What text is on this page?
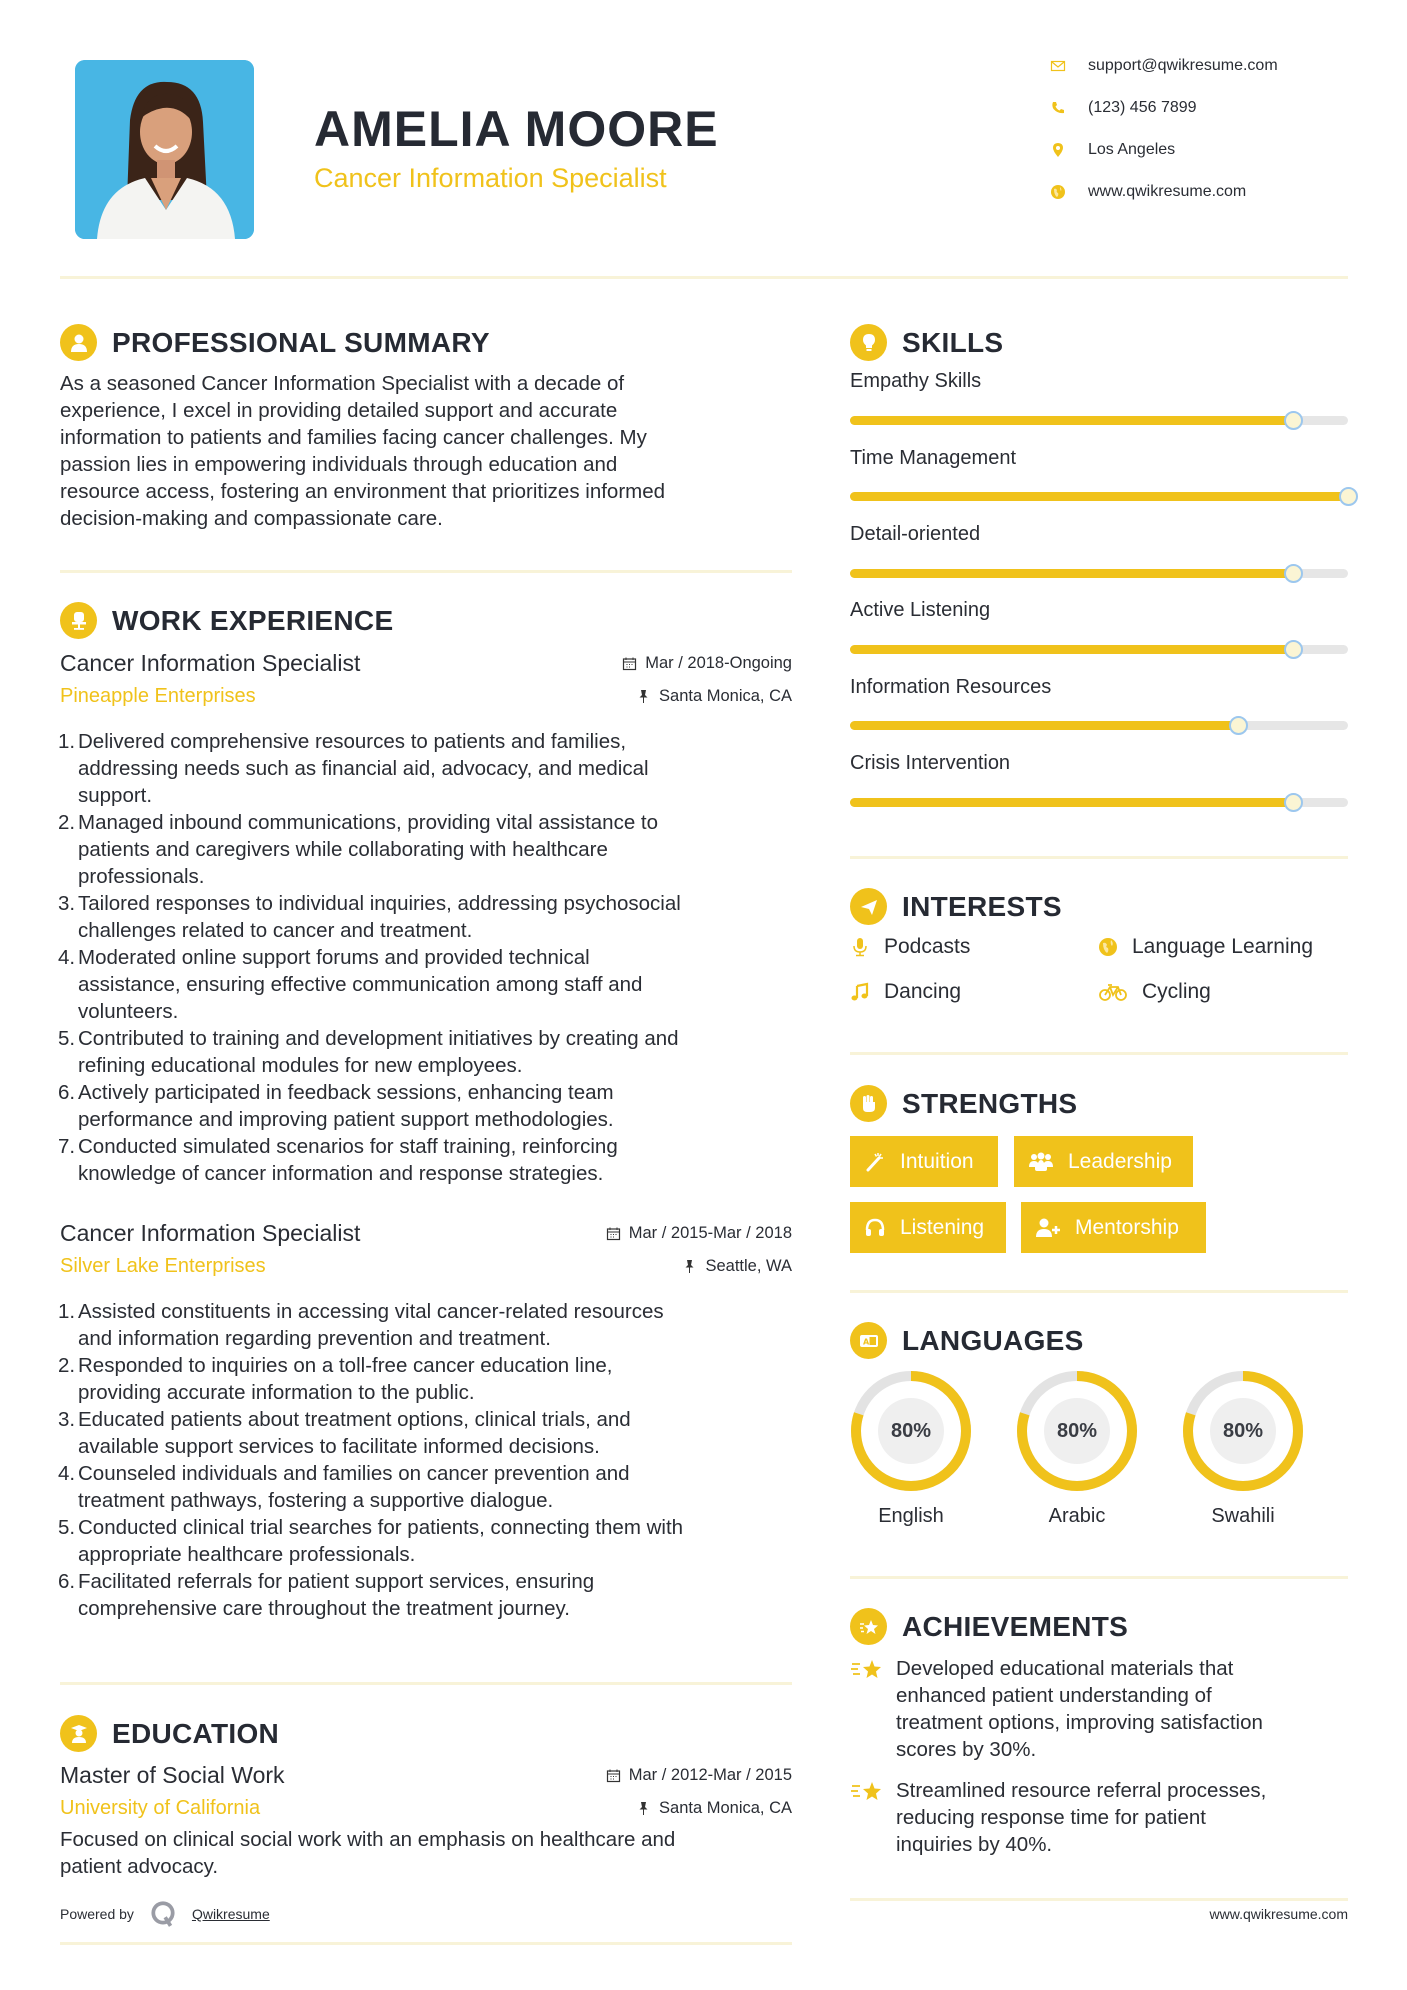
AMELIA MOORE
Cancer Information Specialist
support@qwikresume.com
(123) 456 7899
Los Angeles
www.qwikresume.com
PROFESSIONAL SUMMARY
As a seasoned Cancer Information Specialist with a decade of
experience, I excel in providing detailed support and accurate
information to patients and families facing cancer challenges. My
passion lies in empowering individuals through education and
resource access, fostering an environment that prioritizes informed
decision-making and compassionate care.
WORK EXPERIENCE
Cancer Information Specialist	Mar / 2018-Ongoing
Pineapple Enterprises	Santa Monica, CA
1. Delivered comprehensive resources to patients and families,
addressing needs such as financial aid, advocacy, and medical
support.
2. Managed inbound communications, providing vital assistance to
patients and caregivers while collaborating with healthcare
professionals.
3. Tailored responses to individual inquiries, addressing psychosocial
challenges related to cancer and treatment.
4. Moderated online support forums and provided technical
assistance, ensuring effective communication among staff and
volunteers.
5. Contributed to training and development initiatives by creating and
refining educational modules for new employees.
6. Actively participated in feedback sessions, enhancing team
performance and improving patient support methodologies.
7. Conducted simulated scenarios for staff training, reinforcing
knowledge of cancer information and response strategies.
Cancer Information Specialist	Mar / 2015-Mar / 2018
Silver Lake Enterprises	Seattle, WA
1. Assisted constituents in accessing vital cancer-related resources
and information regarding prevention and treatment.
2. Responded to inquiries on a toll-free cancer education line,
providing accurate information to the public.
3. Educated patients about treatment options, clinical trials, and
available support services to facilitate informed decisions.
4. Counseled individuals and families on cancer prevention and
treatment pathways, fostering a supportive dialogue.
5. Conducted clinical trial searches for patients, connecting them with
appropriate healthcare professionals.
6. Facilitated referrals for patient support services, ensuring
comprehensive care throughout the treatment journey.
EDUCATION
Master of Social Work	Mar / 2012-Mar / 2015
University of California	Santa Monica, CA
Focused on clinical social work with an emphasis on healthcare and
patient advocacy.
Powered by	Qwikresume
SKILLS
Empathy Skills
Time Management
Detail-oriented
Active Listening
Information Resources
Crisis Intervention
INTERESTS
Podcasts	Language Learning
Dancing	Cycling
STRENGTHS
Intuition	Leadership
Listening	Mentorship
A LANGUAGES
80%
English
80%
Arabic
80%
Swahili
ACHIEVEMENTS
Developed educational materials that
enhanced patient understanding of
treatment options, improving satisfaction
scores by 30%.
Streamlined resource referral processes,
reducing response time for patient
inquiries by 40%.
www.qwikresume.com
